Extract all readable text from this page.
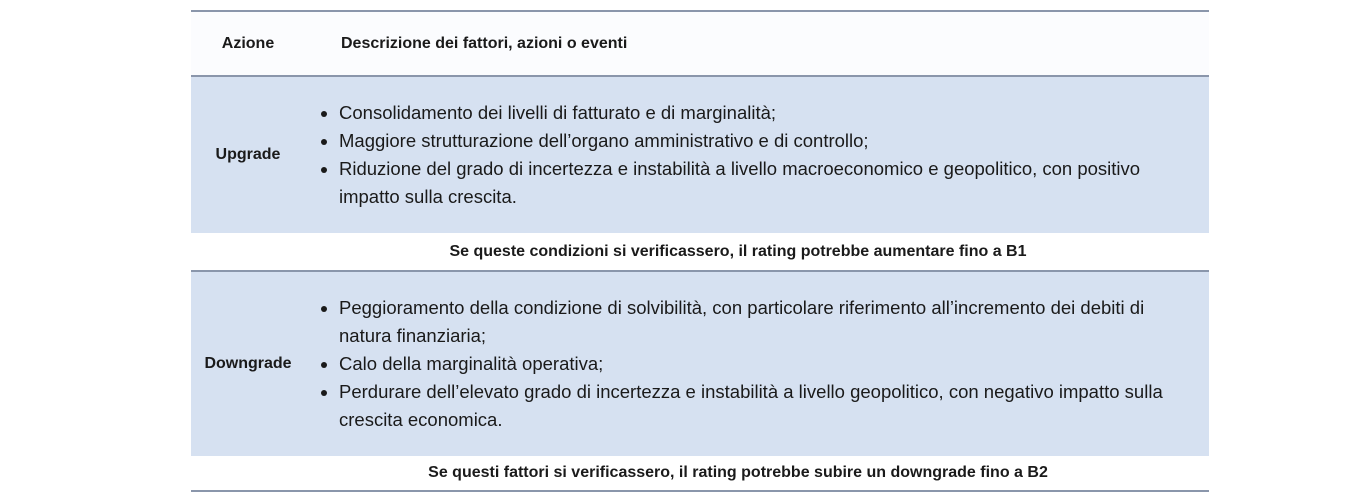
Azione	Descrizione dei fattori, azioni o eventi
Upgrade
Consolidamento dei livelli di fatturato e di marginalità;
Maggiore strutturazione dell’organo amministrativo e di controllo;
Riduzione del grado di incertezza e instabilità a livello macroeconomico e geopolitico, con positivo impatto sulla crescita.
Se queste condizioni si verificassero, il rating potrebbe aumentare fino a B1
Downgrade
Peggioramento della condizione di solvibilità, con particolare riferimento all’incremento dei debiti di natura finanziaria;
Calo della marginalità operativa;
Perdurare dell’elevato grado di incertezza e instabilità a livello geopolitico, con negativo impatto sulla crescita economica.
Se questi fattori si verificassero, il rating potrebbe subire un downgrade fino a B2
